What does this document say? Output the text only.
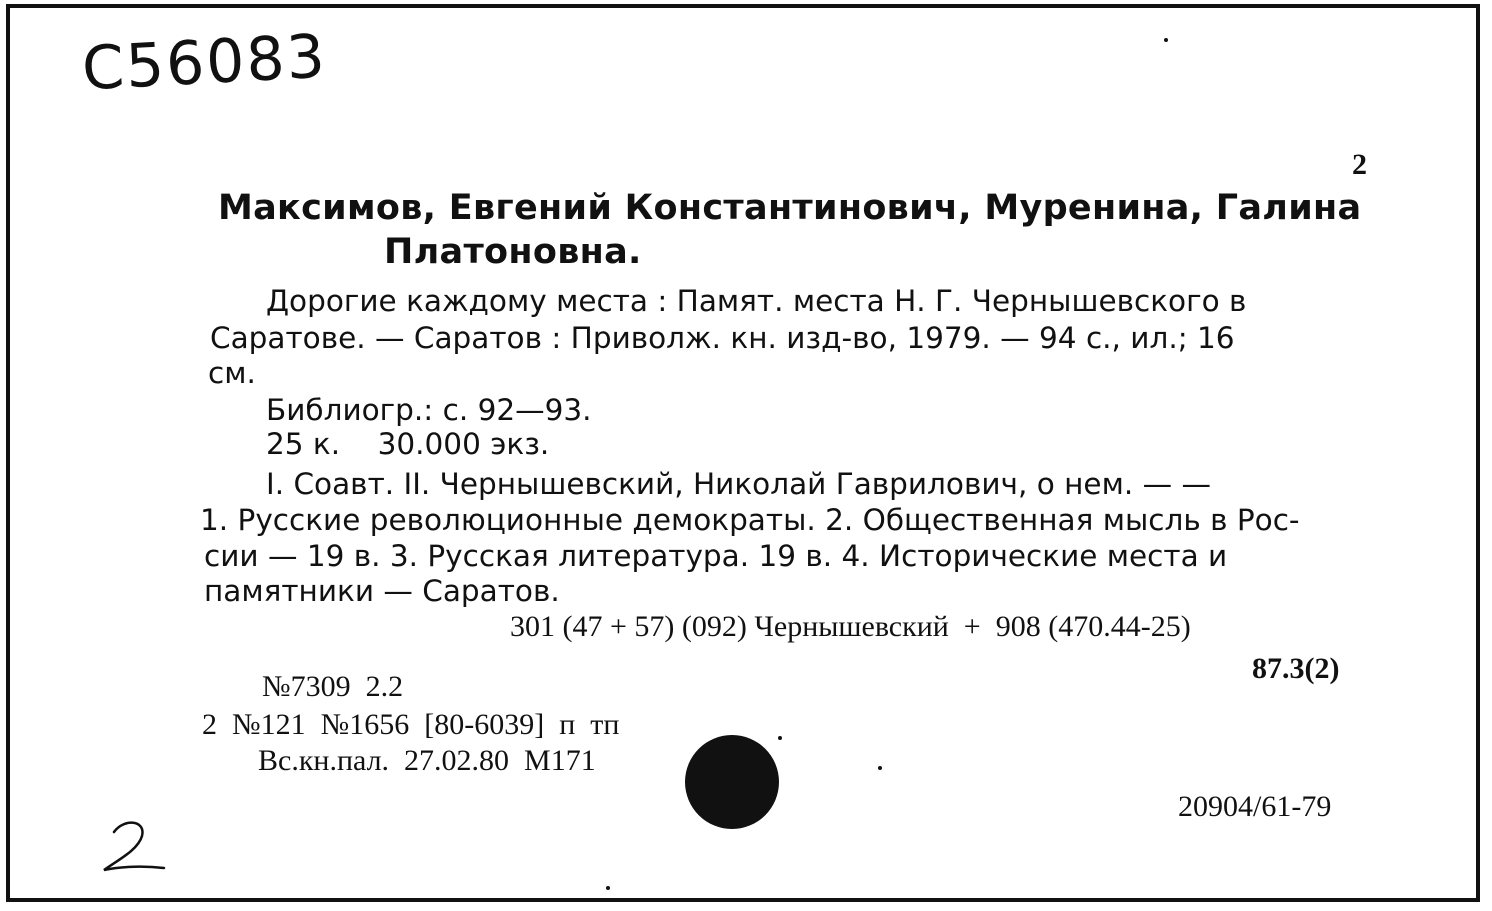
C56083
2
Максимов, Евгений Константинович, Муренина, Галина
Платоновна.
Дорогие каждому места : Памят. места Н. Г. Чернышевского в
Саратове. — Саратов : Приволж. кн. изд-во, 1979. — 94 с., ил.; 16
см.
Библиогр.: с. 92—93.
25 к.    30.000 экз.
I. Соавт. II. Чернышевский, Николай Гаврилович, о нем. — —
1. Русские революционные демократы. 2. Общественная мысль в Рос-
сии — 19 в. 3. Русская литература. 19 в. 4. Исторические места и
памятники — Саратов.
301 (47 + 57) (092) Чернышевский  +  908 (470.44-25)
87.3(2)
№7309  2.2
2  №121  №1656  [80-6039]  п  тп
Вс.кн.пал.  27.02.80  М171
20904/61-79
